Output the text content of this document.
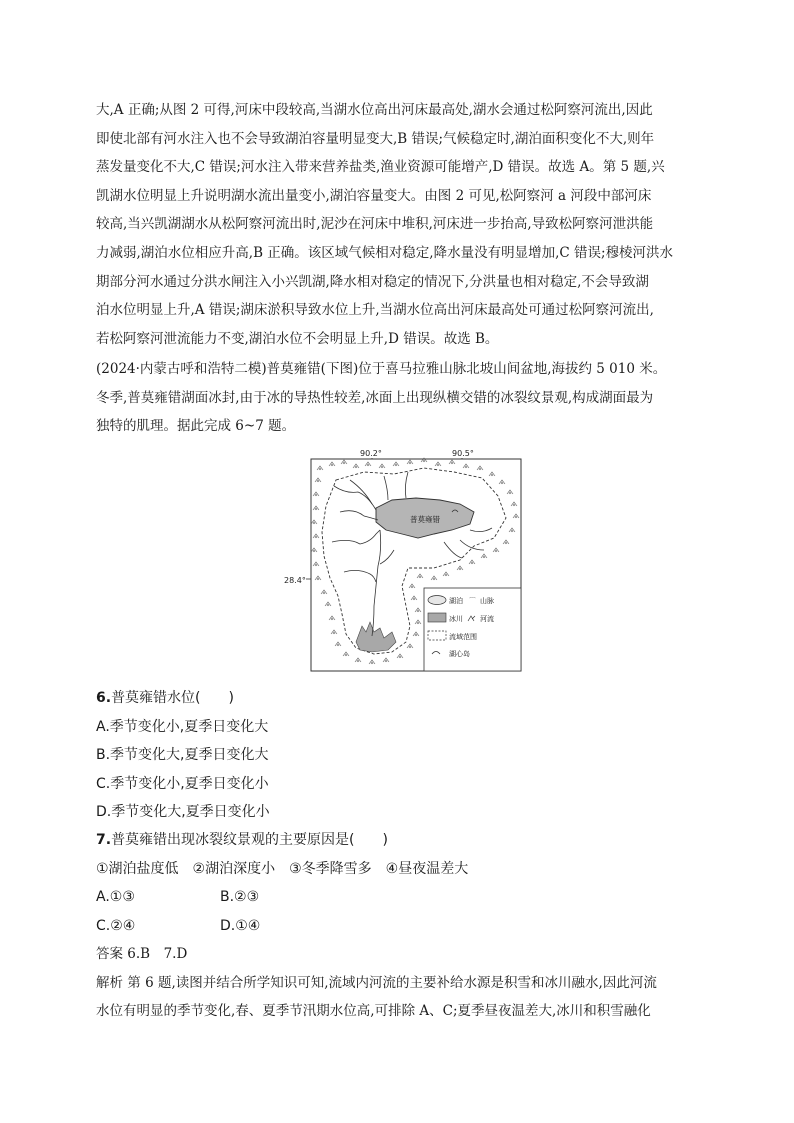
大,A 正确;从图 2 可得,河床中段较高,当湖水位高出河床最高处,湖水会通过松阿察河流出,因此
即使北部有河水注入也不会导致湖泊容量明显变大,B 错误;气候稳定时,湖泊面积变化不大,则年
蒸发量变化不大,C 错误;河水注入带来营养盐类,渔业资源可能增产,D 错误。故选 A。第 5 题,兴
凯湖水位明显上升说明湖水流出量变小,湖泊容量变大。由图 2 可见,松阿察河 a 河段中部河床
较高,当兴凯湖湖水从松阿察河流出时,泥沙在河床中堆积,河床进一步抬高,导致松阿察河泄洪能
力减弱,湖泊水位相应升高,B 正确。该区域气候相对稳定,降水量没有明显增加,C 错误;穆棱河洪水
期部分河水通过分洪水闸注入小兴凯湖,降水相对稳定的情况下,分洪量也相对稳定,不会导致湖
泊水位明显上升,A 错误;湖床淤积导致水位上升,当湖水位高出河床最高处可通过松阿察河流出,
若松阿察河泄流能力不变,湖泊水位不会明显上升,D 错误。故选 B。
(2024·内蒙古呼和浩特二模)普莫雍错(下图)位于喜马拉雅山脉北坡山间盆地,海拔约 5 010 米。
冬季,普莫雍错湖面冰封,由于冰的导热性较差,冰面上出现纵横交错的冰裂纹景观,构成湖面最为
独特的肌理。据此完成 6~7 题。
90.2°	90.5°
28.4°
普莫雍错
湖泊 ⌒ 山脉
冰川 河流
流域范围
湖心岛
6.普莫雍错水位(　　)
A.季节变化小,夏季日变化大
B.季节变化大,夏季日变化大
C.季节变化小,夏季日变化小
D.季节变化大,夏季日变化小
7.普莫雍错出现冰裂纹景观的主要原因是(　　)
①湖泊盐度低　②湖泊深度小　③冬季降雪多　④昼夜温差大
A.①③	B.②③
C.②④	D.①④
答案 6.B　7.D
解析 第 6 题,读图并结合所学知识可知,流域内河流的主要补给水源是积雪和冰川融水,因此河流
水位有明显的季节变化,春、夏季节汛期水位高,可排除 A、C;夏季昼夜温差大,冰川和积雪融化
